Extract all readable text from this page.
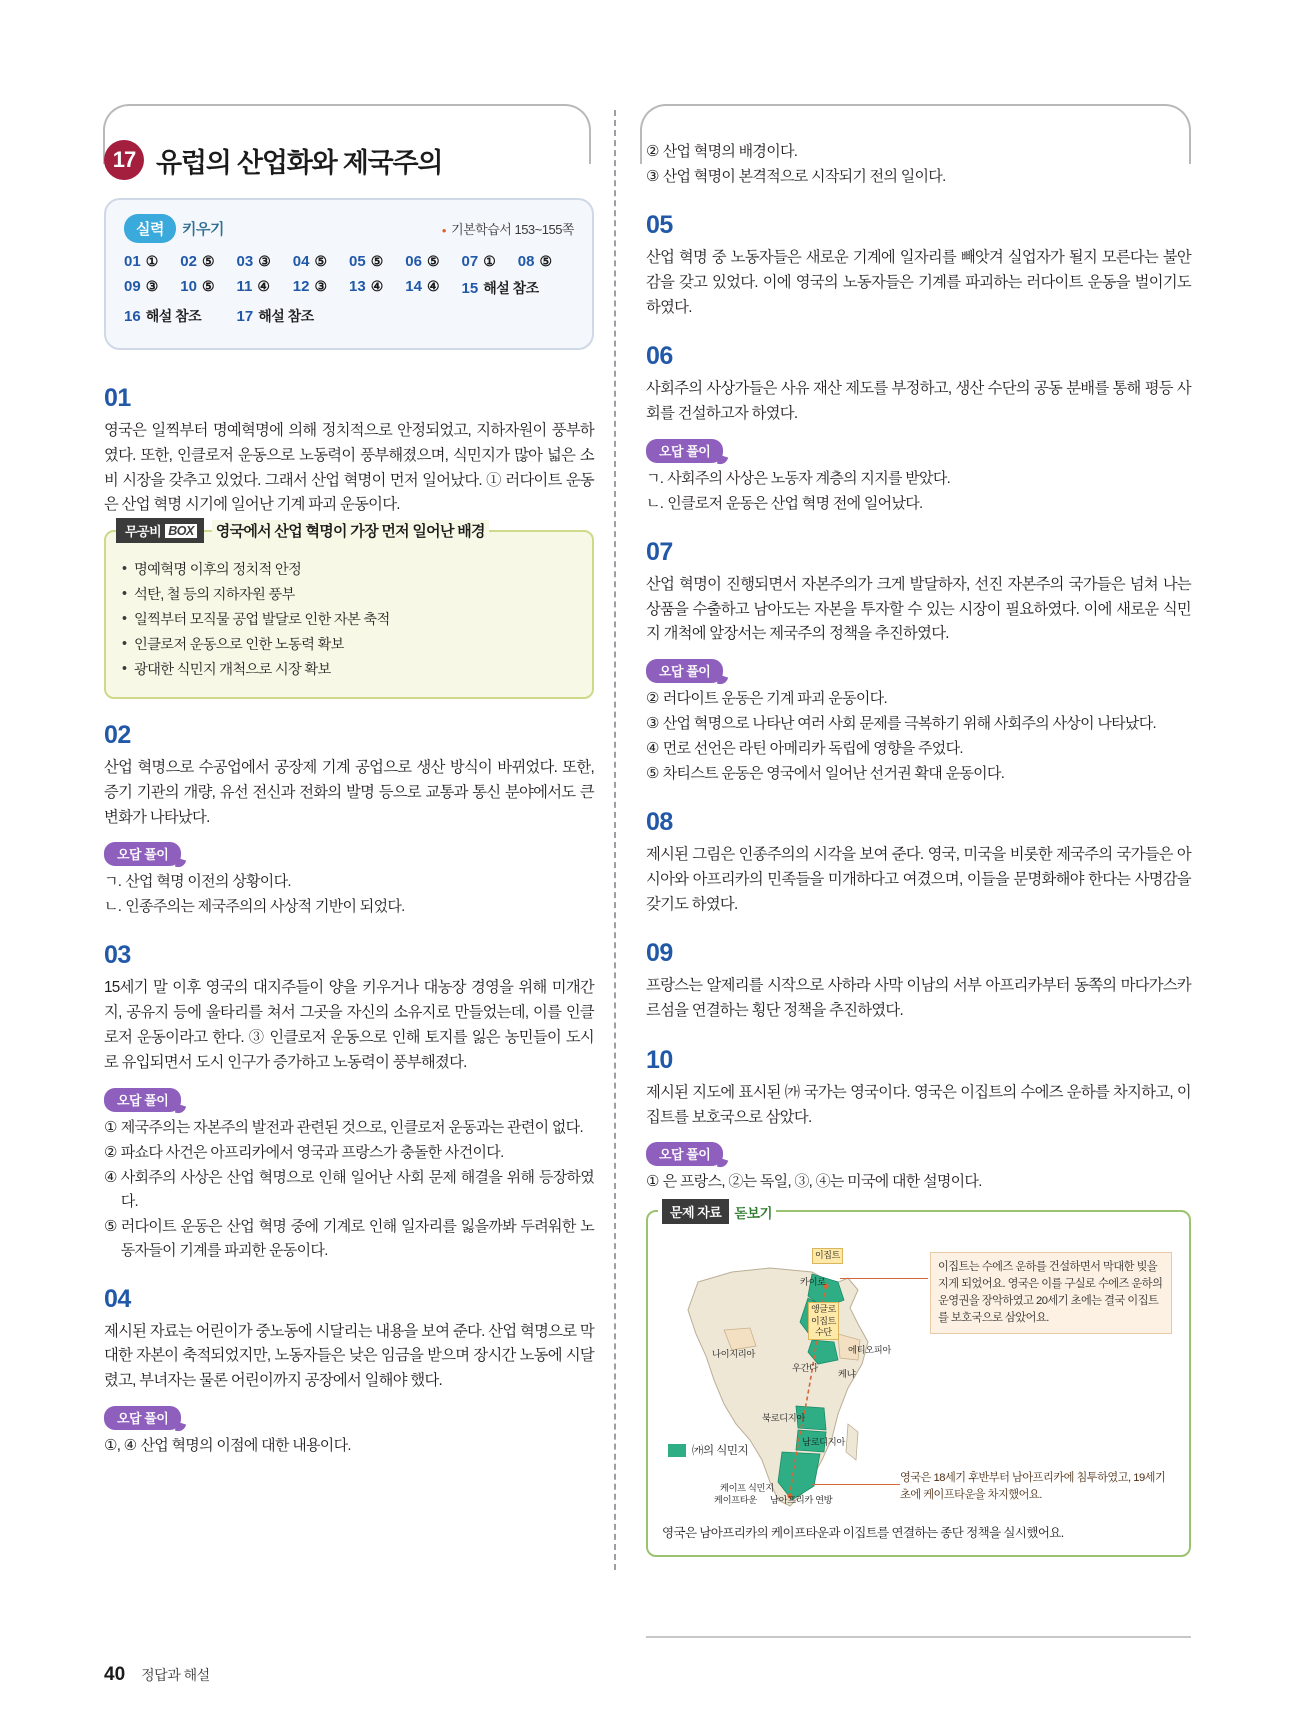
17 유럽의 산업화와 제국주의
실력	키우기	● 기본학습서 153~155쪽
01 ① 02 ⑤ 03 ③ 04 ⑤ 05 ⑤ 06 ⑤ 07 ① 08 ⑤
09 ③ 10 ⑤ 11 ④ 12 ③ 13 ④ 14 ④ 15 해설 참조
16 해설 참조 17 해설 참조
01

영국은 일찍부터 명예혁명에 의해 정치적으로 안정되었고, 지하자원이 풍부하였다. 또한, 인클로저 운동으로 노동력이 풍부해졌으며, 식민지가 많아 넓은 소비 시장을 갖추고 있었다. 그래서 산업 혁명이 먼저 일어났다. ① 러다이트 운동은 산업 혁명 시기에 일어난 기계 파괴 운동이다.

무공비 BOX 영국에서 산업 혁명이 가장 먼저 일어난 배경
• 명예혁명 이후의 정치적 안정
• 석탄, 철 등의 지하자원 풍부
• 일찍부터 모직물 공업 발달로 인한 자본 축적
• 인클로저 운동으로 인한 노동력 확보
• 광대한 식민지 개척으로 시장 확보
02

산업 혁명으로 수공업에서 공장제 기계 공업으로 생산 방식이 바뀌었다. 또한, 증기 기관의 개량, 유선 전신과 전화의 발명 등으로 교통과 통신 분야에서도 큰 변화가 나타났다.

오답 풀이
ㄱ. 산업 혁명 이전의 상황이다.
ㄴ. 인종주의는 제국주의의 사상적 기반이 되었다.
03

15세기 말 이후 영국의 대지주들이 양을 키우거나 대농장 경영을 위해 미개간지, 공유지 등에 울타리를 쳐서 그곳을 자신의 소유지로 만들었는데, 이를 인클로저 운동이라고 한다. ③ 인클로저 운동으로 인해 토지를 잃은 농민들이 도시로 유입되면서 도시 인구가 증가하고 노동력이 풍부해졌다.

오답 풀이
① 제국주의는 자본주의 발전과 관련된 것으로, 인클로저 운동과는 관련이 없다.
② 파쇼다 사건은 아프리카에서 영국과 프랑스가 충돌한 사건이다.
④ 사회주의 사상은 산업 혁명으로 인해 일어난 사회 문제 해결을 위해 등장하였다.
⑤ 러다이트 운동은 산업 혁명 중에 기계로 인해 일자리를 잃을까봐 두려워한 노동자들이 기계를 파괴한 운동이다.
04

제시된 자료는 어린이가 중노동에 시달리는 내용을 보여 준다. 산업 혁명으로 막대한 자본이 축적되었지만, 노동자들은 낮은 임금을 받으며 장시간 노동에 시달렸고, 부녀자는 물론 어린이까지 공장에서 일해야 했다.

오답 풀이
①, ④ 산업 혁명의 이점에 대한 내용이다.
② 산업 혁명의 배경이다.
③ 산업 혁명이 본격적으로 시작되기 전의 일이다.
05

산업 혁명 중 노동자들은 새로운 기계에 일자리를 빼앗겨 실업자가 될지 모른다는 불안감을 갖고 있었다. 이에 영국의 노동자들은 기계를 파괴하는 러다이트 운동을 벌이기도 하였다.

06

사회주의 사상가들은 사유 재산 제도를 부정하고, 생산 수단의 공동 분배를 통해 평등 사회를 건설하고자 하였다.

오답 풀이
ㄱ. 사회주의 사상은 노동자 계층의 지지를 받았다.
ㄴ. 인클로저 운동은 산업 혁명 전에 일어났다.
07

산업 혁명이 진행되면서 자본주의가 크게 발달하자, 선진 자본주의 국가들은 넘쳐 나는 상품을 수출하고 남아도는 자본을 투자할 수 있는 시장이 필요하였다. 이에 새로운 식민지 개척에 앞장서는 제국주의 정책을 추진하였다.

오답 풀이
② 러다이트 운동은 기계 파괴 운동이다.
③ 산업 혁명으로 나타난 여러 사회 문제를 극복하기 위해 사회주의 사상이 나타났다.
④ 먼로 선언은 라틴 아메리카 독립에 영향을 주었다.
⑤ 차티스트 운동은 영국에서 일어난 선거권 확대 운동이다.
08

제시된 그림은 인종주의의 시각을 보여 준다. 영국, 미국을 비롯한 제국주의 국가들은 아시아와 아프리카의 민족들을 미개하다고 여겼으며, 이들을 문명화해야 한다는 사명감을 갖기도 하였다.

09

프랑스는 알제리를 시작으로 사하라 사막 이남의 서부 아프리카부터 동쪽의 마다가스카르섬을 연결하는 횡단 정책을 추진하였다.

10

제시된 지도에 표시된 ㈎ 국가는 영국이다. 영국은 이집트의 수에즈 운하를 차지하고, 이집트를 보호국으로 삼았다.

오답 풀이
① 은 프랑스, ②는 독일, ③, ④는 미국에 대한 설명이다.
문제 자료 돋보기
이집트
앵글로
이집트
수단
나이지리아
우간다
에티오피아
케냐
카이로
북로디지아
남로디지아
케이프 식민지
케이프타운 남아프리카 연방
㈎의 식민지
이집트는 수에즈 운하를 건설하면서 막대한 빚을 지게 되었어요. 영국은 이를 구실로 수에즈 운하의 운영권을 장악하였고 20세기 초에는 결국 이집트를 보호국으로 삼았어요.
영국은 18세기 후반부터 남아프리카에 침투하였고, 19세기 초에 케이프타운을 차지했어요.
영국은 남아프리카의 케이프타운과 이집트를 연결하는 종단 정책을 실시했어요.
40 정답과 해설
